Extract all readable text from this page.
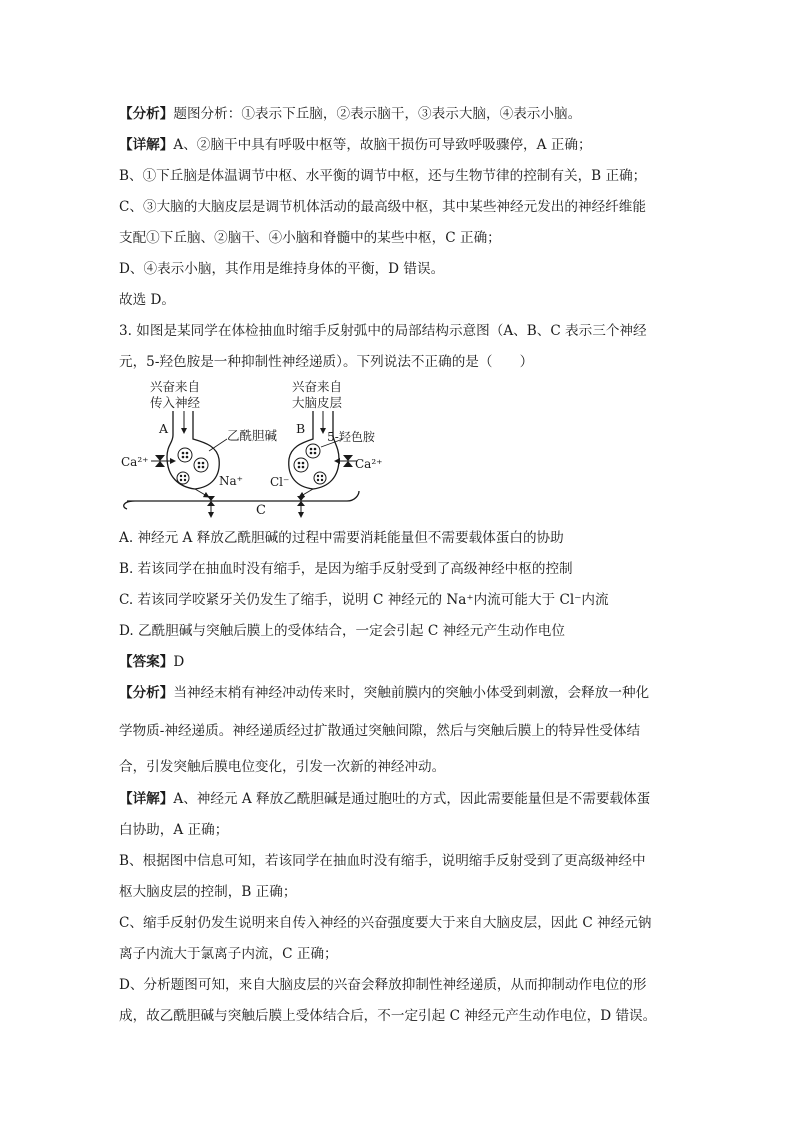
【分析】题图分析：①表示下丘脑，②表示脑干，③表示大脑，④表示小脑。
【详解】A、②脑干中具有呼吸中枢等，故脑干损伤可导致呼吸骤停，A 正确；
B、①下丘脑是体温调节中枢、水平衡的调节中枢，还与生物节律的控制有关，B 正确；
C、③大脑的大脑皮层是调节机体活动的最高级中枢，其中某些神经元发出的神经纤维能
支配①下丘脑、②脑干、④小脑和脊髓中的某些中枢，C 正确；
D、④表示小脑，其作用是维持身体的平衡，D 错误。
故选 D。
3. 如图是某同学在体检抽血时缩手反射弧中的局部结构示意图（A、B、C 表示三个神经
元，5-羟色胺是一种抑制性神经递质）。下列说法不正确的是（　　）
兴奋来自
传入神经
兴奋来自
大脑皮层
A	B
乙酰胆碱	5-羟色胺
Ca²⁺	Ca²⁺
Na⁺ Cl⁻
C
A. 神经元 A 释放乙酰胆碱的过程中需要消耗能量但不需要载体蛋白的协助
B. 若该同学在抽血时没有缩手，是因为缩手反射受到了高级神经中枢的控制
C. 若该同学咬紧牙关仍发生了缩手，说明 C 神经元的 Na⁺内流可能大于 Cl⁻内流
D. 乙酰胆碱与突触后膜上的受体结合，一定会引起 C 神经元产生动作电位
【答案】D
【分析】当神经末梢有神经冲动传来时，突触前膜内的突触小体受到刺激，会释放一种化
学物质-神经递质。神经递质经过扩散通过突触间隙，然后与突触后膜上的特异性受体结
合，引发突触后膜电位变化，引发一次新的神经冲动。
【详解】A、神经元 A 释放乙酰胆碱是通过胞吐的方式，因此需要能量但是不需要载体蛋
白协助，A 正确；
B、根据图中信息可知，若该同学在抽血时没有缩手，说明缩手反射受到了更高级神经中
枢大脑皮层的控制，B 正确；
C、缩手反射仍发生说明来自传入神经的兴奋强度要大于来自大脑皮层，因此 C 神经元钠
离子内流大于氯离子内流，C 正确；
D、分析题图可知，来自大脑皮层的兴奋会释放抑制性神经递质，从而抑制动作电位的形
成，故乙酰胆碱与突触后膜上受体结合后，不一定引起 C 神经元产生动作电位，D 错误。
